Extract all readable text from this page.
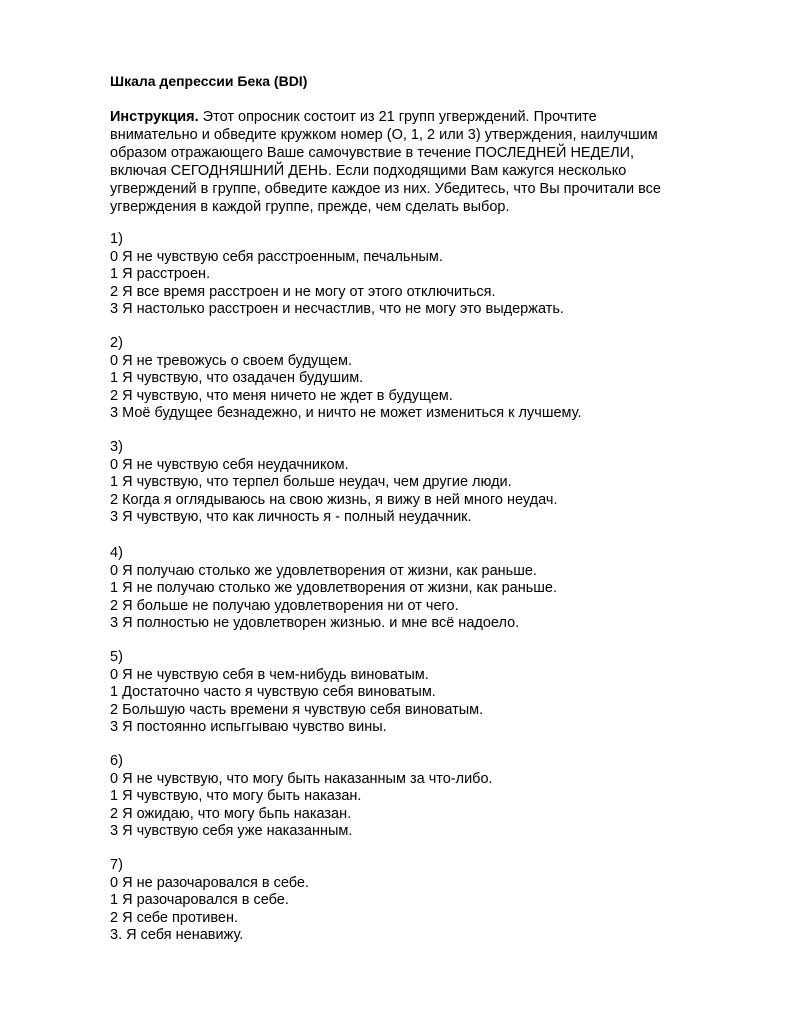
Шкала депрессии Бека (BDI)
Инструкция. Этот опросник состоит из 21 групп угверждений. Прочтите
внимательно и обведите кружком номер (О, 1, 2 или 3) утверждения, наилучшим
образом отражающего Ваше самочувствие в течение ПОСЛЕДНЕЙ НЕДЕЛИ,
включая СЕГОДНЯШНИЙ ДЕНЬ. Если подходящими Вам кажугся несколько
угверждений в группе, обведите каждое из них. Убедитесь, что Вы прочитали все
угверждения в каждой группе, прежде, чем сделать выбор.
1)
0 Я не чувствую себя расстроенным, печальным.
1 Я расстроен.
2 Я все время расстроен и не могу от этого отключиться.
3 Я настолько расстроен и несчастлив, что не могу это выдержать.
2)
0 Я не тревожусь о своем будущем.
1 Я чувствую, что озадачен будушим.
2 Я чувствую, что меня ничето не ждет в будущем.
3 Моё будущее безнадежно, и ничто не может измениться к лучшему.
3)
0 Я не чувствую себя неудачником.
1 Я чувствую, что терпел больше неудач, чем другие люди.
2 Когда я оглядываюсь на свою жизнь, я вижу в ней много неудач.
3 Я чувствую, что как личность я - полный неудачник.
4)
0 Я получаю столько же удовлетворения от жизни, как раньше.
1 Я не получаю столько же удовлетворения от жизни, как раньше.
2 Я больше не получаю удовлетворения ни от чего.
3 Я полностью не удовлетворен жизнью. и мне всё надоело.
5)
0 Я не чувствую себя в чем-нибудь виноватым.
1 Достаточно часто я чувствую себя виноватым.
2 Большую часть времени я чувствую себя виноватым.
3 Я постоянно испьггываю чувство вины.
6)
0 Я не чувствую, что могу быть наказанным за что-либо.
1 Я чувствую, что могу быть наказан.
2 Я ожидаю, что могу бьпь наказан.
3 Я чувствую себя уже наказанным.
7)
0 Я не разочаровался в себе.
1 Я разочаровался в себе.
2 Я себе противен.
3. Я себя ненавижу.
